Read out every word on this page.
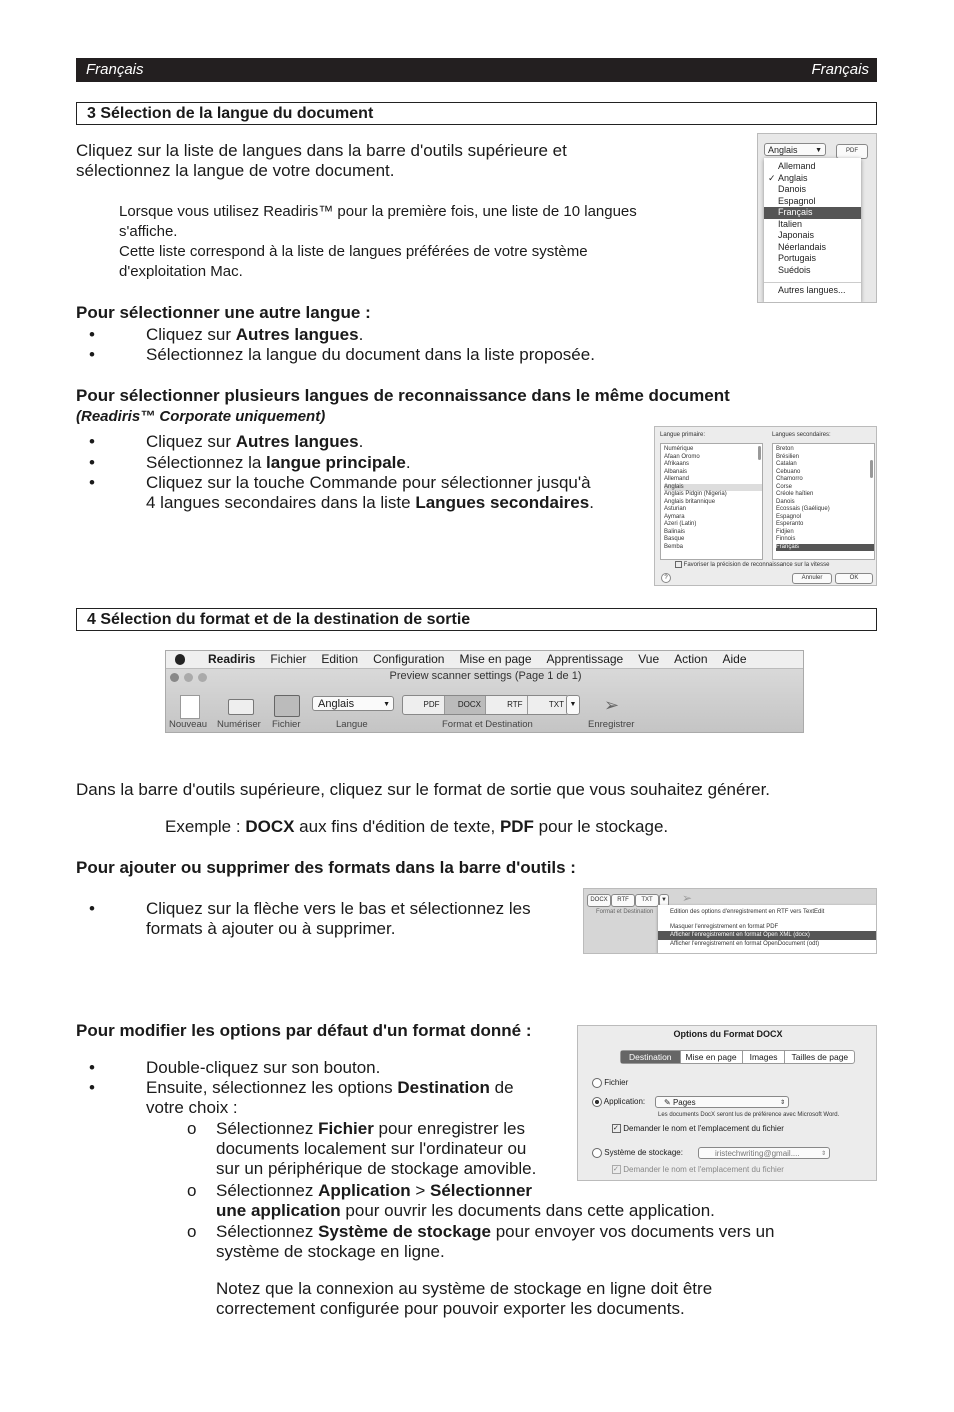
Français	Français
3 Sélection de la langue du document
Cliquez sur la liste de langues dans la barre d'outils supérieure et
sélectionnez la langue de votre document.
Lorsque vous utilisez Readiris™ pour la première fois, une liste de 10 langues
s'affiche.
Cette liste correspond à la liste de langues préférées de votre système
d'exploitation Mac.
Anglais	▼	PDF
Allemand
✓ Anglais
Danois
Espagnol
Français
Italien
Japonais
Néerlandais
Portugais
Suédois
Autres langues...
Pour sélectionner une autre langue :
•	Cliquez sur Autres langues.
•	Sélectionnez la langue du document dans la liste proposée.
Pour sélectionner plusieurs langues de reconnaissance dans le même document
(Readiris™ Corporate uniquement)
•	Cliquez sur Autres langues.
•	Sélectionnez la langue principale.
•	Cliquez sur la touche Commande pour sélectionner jusqu'à
4 langues secondaires dans la liste Langues secondaires.
Langue primaire:	Langues secondaires:
Numérique
Afaan Oromo
Afrikaans
Albanais
Allemand
Anglais
Anglais Pidgin (Nigeria)
Anglais britannique
Asturian
Aymara
Azeri (Latin)
Balinais
Basque
Bemba
Breton
Brésilien
Catalan
Cebuano
Chamorro
Corse
Créole haïtien
Danois
Ecossais (Gaélique)
Espagnol
Esperanto
Fidjien
Finnois
Français
Favoriser la précision de reconnaissance sur la vitesse
?	Annuler	OK
4 Sélection du format et de la destination de sortie
Readiris Fichier Edition Configuration Mise en page Apprentissage Vue Action Aide
Preview scanner settings (Page 1 de 1)
Anglais	▼	PDF	DOCX	RTF	TXT ▼ ➢
Nouveau Numériser Fichier	Langue	Format et Destination	Enregistrer
Dans la barre d'outils supérieure, cliquez sur le format de sortie que vous souhaitez générer.
Exemple : DOCX aux fins d'édition de texte, PDF pour le stockage.
Pour ajouter ou supprimer des formats dans la barre d'outils :
•	Cliquez sur la flèche vers le bas et sélectionnez les
formats à ajouter ou à supprimer.
DOCX	RTF	TXT	▼ ➢
Format et Destination	Edition des options d'enregistrement en RTF vers TextEdit
Masquer l'enregistrement en format PDF
Afficher l'enregistrement en format Open XML (docx)
Afficher l'enregistrement en format OpenDocument (odt)
Pour modifier les options par défaut d'un format donné :
•	Double-cliquez sur son bouton.
•	Ensuite, sélectionnez les options Destination de
votre choix :
o Sélectionnez Fichier pour enregistrer les
documents localement sur l'ordinateur ou
sur un périphérique de stockage amovible.
o Sélectionnez Application > Sélectionner
une application pour ouvrir les documents dans cette application.
o Sélectionnez Système de stockage pour envoyer vos documents vers un
système de stockage en ligne.
Notez que la connexion au système de stockage en ligne doit être
correctement configurée pour pouvoir exporter les documents.
Options du Format DOCX
Destination	Mise en page	Images	Tailles de page
Fichier
Application:	✎ Pages	⇕
Les documents DocX seront lus de préférence avec Microsoft Word.
✓ Demander le nom et l'emplacement du fichier
Système de stockage:	iristechwriting@gmail....	⇕
✓ Demander le nom et l'emplacement du fichier
